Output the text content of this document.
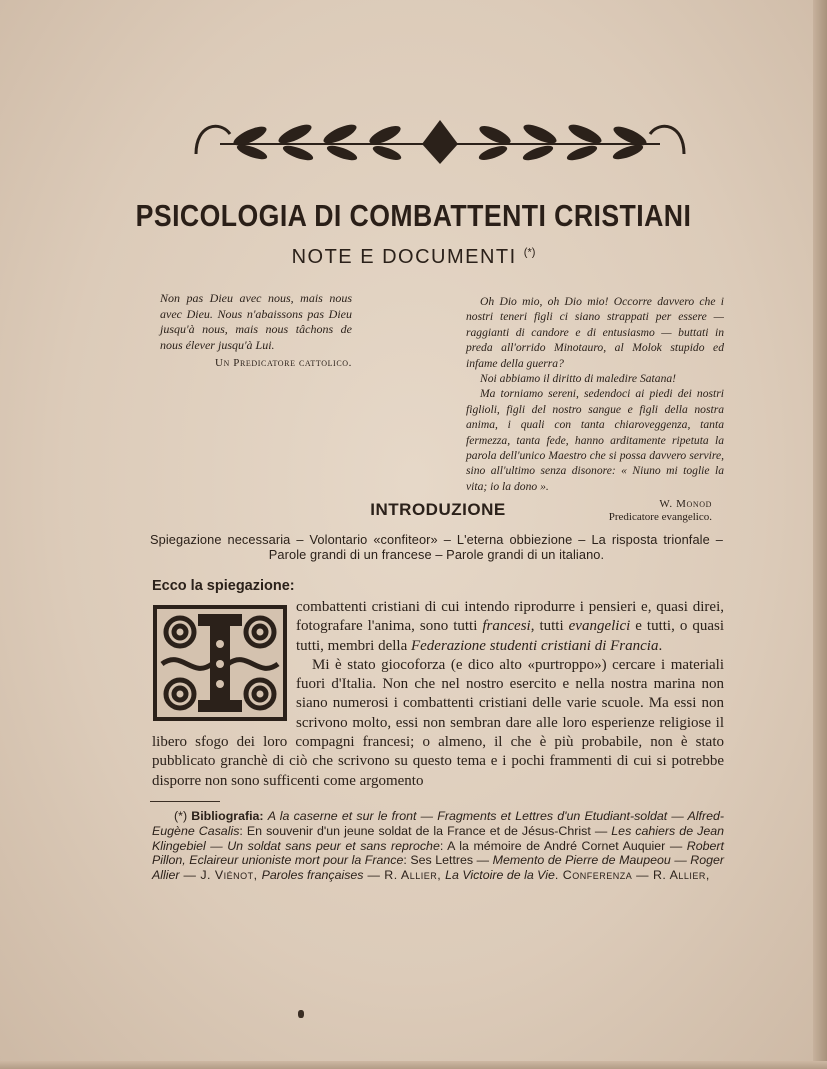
PSICOLOGIA DI COMBATTENTI CRISTIANI
NOTE E DOCUMENTI (*)
Non pas Dieu avec nous, mais nous avec Dieu. Nous n'abaissons pas Dieu jusqu'à nous, mais nous tâchons de nous élever jusqu'à Lui.
Un Predicatore cattolico.

Oh Dio mio, oh Dio mio! Occorre davvero che i nostri teneri figli ci siano strappati per essere — raggianti di candore e di entusiasmo — buttati in preda all'orrido Minotauro, al Molok stupido ed infame della guerra?

Noi abbiamo il diritto di maledire Satana!

Ma torniamo sereni, sedendoci ai piedi dei nostri figlioli, figli del nostro sangue e figli della nostra anima, i quali con tanta chiaroveggenza, tanta fermezza, tanta fede, hanno arditamente ripetuta la parola dell'unico Maestro che si possa davvero servire, sino all'ultimo senza disonore: « Niuno mi toglie la vita; io la dono ».

W. Monod
Predicatore evangelico.
INTRODUZIONE
Spiegazione necessaria – Volontario «confiteor» – L'eterna obbiezione – La risposta trionfale – Parole grandi di un francese – Parole grandi di un italiano.
Ecco la spiegazione:

combattenti cristiani di cui intendo riprodurre i pensieri e, quasi direi, fotografare l'anima, sono tutti francesi, tutti evangelici e tutti, o quasi tutti, membri della Federazione studenti cristiani di Francia.

Mi è stato giocoforza (e dico alto «purtroppo») cercare i materiali fuori d'Italia. Non che nel nostro esercito e nella nostra marina non siano numerosi i combattenti cristiani delle varie scuole. Ma essi non scrivono molto, essi non sembran dare alle loro esperienze religiose il libero sfogo dei loro compagni francesi; o almeno, il che è più probabile, non è stato pubblicato granchè di ciò che scrivono su questo tema e i pochi frammenti di cui si potrebbe disporre non sono sufficenti come argomento

(*) Bibliografia: A la caserne et sur le front — Fragments et Lettres d'un Etudiant-soldat — Alfred-Eugène Casalis: En souvenir d'un jeune soldat de la France et de Jésus-Christ — Les cahiers de Jean Klingebiel — Un soldat sans peur et sans reproche: A la mémoire de André Cornet Auquier — Robert Pillon, Eclaireur unioniste mort pour la France: Ses Lettres — Memento de Pierre de Maupeou — Roger Allier — J. Viénot, Paroles françaises — R. Allier, La Victoire de la Vie. Conferenza — R. Allier,
